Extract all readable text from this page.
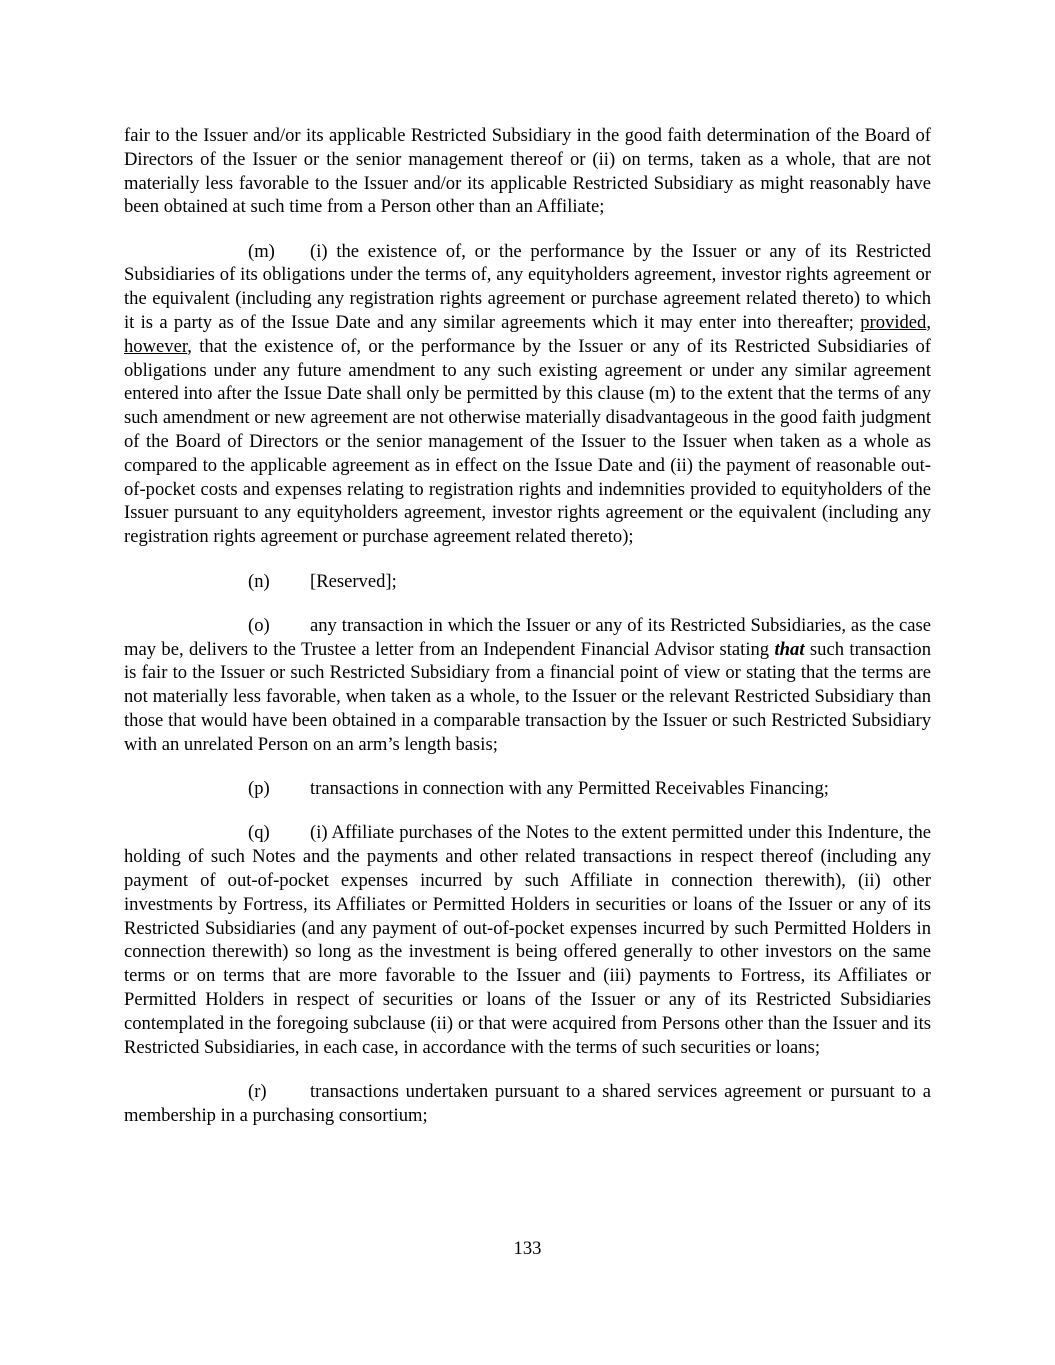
fair to the Issuer and/or its applicable Restricted Subsidiary in the good faith determination of the Board of Directors of the Issuer or the senior management thereof or (ii) on terms, taken as a whole, that are not materially less favorable to the Issuer and/or its applicable Restricted Subsidiary as might reasonably have been obtained at such time from a Person other than an Affiliate;

(m) (i) the existence of, or the performance by the Issuer or any of its Restricted Subsidiaries of its obligations under the terms of, any equityholders agreement, investor rights agreement or the equivalent (including any registration rights agreement or purchase agreement related thereto) to which it is a party as of the Issue Date and any similar agreements which it may enter into thereafter; provided, however, that the existence of, or the performance by the Issuer or any of its Restricted Subsidiaries of obligations under any future amendment to any such existing agreement or under any similar agreement entered into after the Issue Date shall only be permitted by this clause (m) to the extent that the terms of any such amendment or new agreement are not otherwise materially disadvantageous in the good faith judgment of the Board of Directors or the senior management of the Issuer to the Issuer when taken as a whole as compared to the applicable agreement as in effect on the Issue Date and (ii) the payment of reasonable out-of-pocket costs and expenses relating to registration rights and indemnities provided to equityholders of the Issuer pursuant to any equityholders agreement, investor rights agreement or the equivalent (including any registration rights agreement or purchase agreement related thereto);

(n) [Reserved];

(o) any transaction in which the Issuer or any of its Restricted Subsidiaries, as the case may be, delivers to the Trustee a letter from an Independent Financial Advisor stating that such transaction is fair to the Issuer or such Restricted Subsidiary from a financial point of view or stating that the terms are not materially less favorable, when taken as a whole, to the Issuer or the relevant Restricted Subsidiary than those that would have been obtained in a comparable transaction by the Issuer or such Restricted Subsidiary with an unrelated Person on an arm’s length basis;

(p) transactions in connection with any Permitted Receivables Financing;

(q) (i) Affiliate purchases of the Notes to the extent permitted under this Indenture, the holding of such Notes and the payments and other related transactions in respect thereof (including any payment of out-of-pocket expenses incurred by such Affiliate in connection therewith), (ii) other investments by Fortress, its Affiliates or Permitted Holders in securities or loans of the Issuer or any of its Restricted Subsidiaries (and any payment of out-of-pocket expenses incurred by such Permitted Holders in connection therewith) so long as the investment is being offered generally to other investors on the same terms or on terms that are more favorable to the Issuer and (iii) payments to Fortress, its Affiliates or Permitted Holders in respect of securities or loans of the Issuer or any of its Restricted Subsidiaries contemplated in the foregoing subclause (ii) or that were acquired from Persons other than the Issuer and its Restricted Subsidiaries, in each case, in accordance with the terms of such securities or loans;

(r) transactions undertaken pursuant to a shared services agreement or pursuant to a membership in a purchasing consortium;

133
